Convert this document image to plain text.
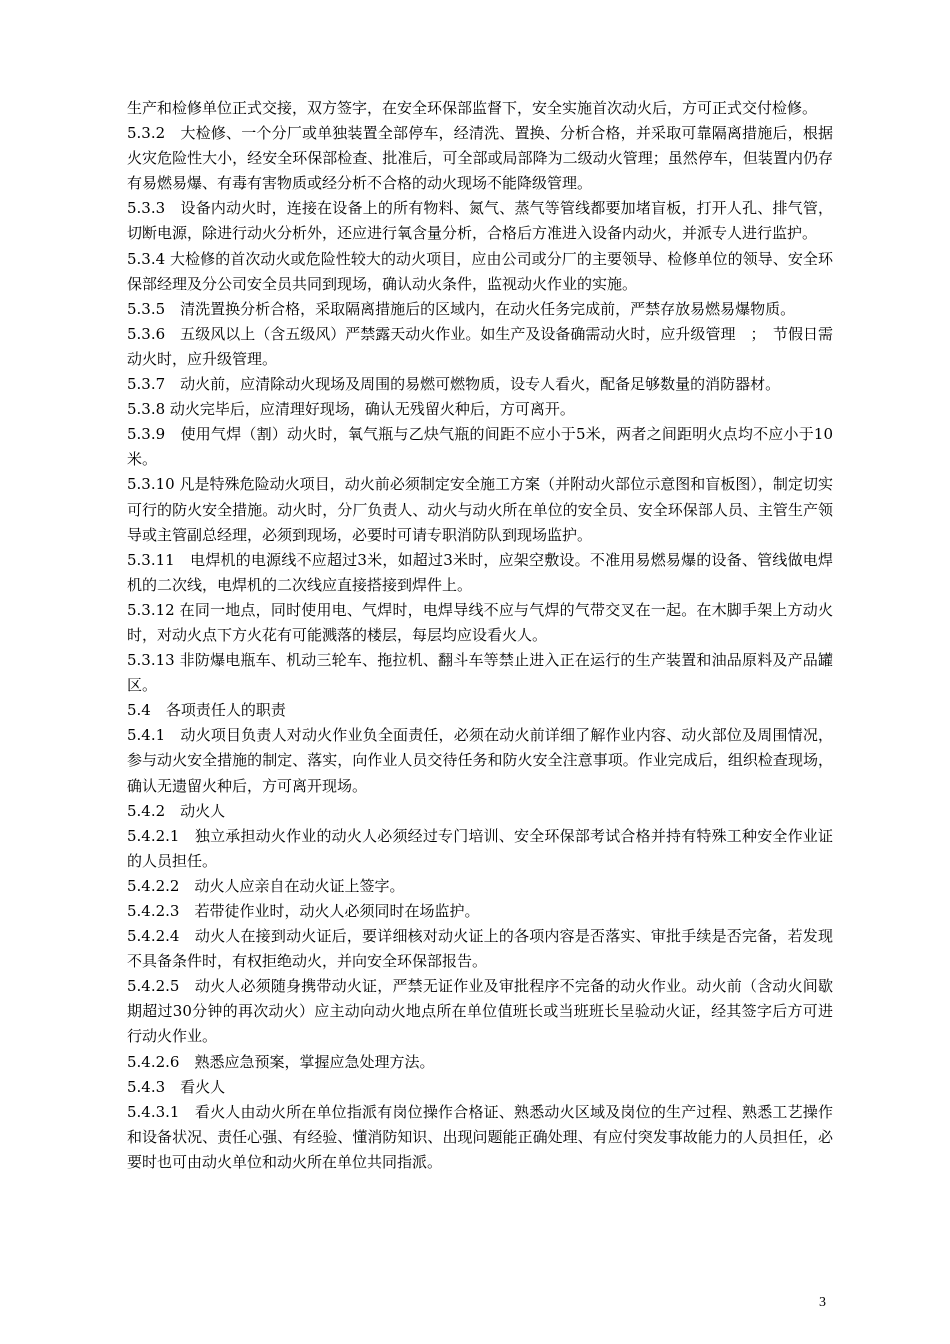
生产和检修单位正式交接，双方签字，在安全环保部监督下，安全实施首次动火后，方可正式交付检修。

5.3.2　大检修、一个分厂或单独装置全部停车，经清洗、置换、分析合格，并采取可靠隔离措施后，根据火灾危险性大小，经安全环保部检查、批准后，可全部或局部降为二级动火管理；虽然停车，但装置内仍存有易燃易爆、有毒有害物质或经分析不合格的动火现场不能降级管理。

5.3.3　设备内动火时，连接在设备上的所有物料、氮气、蒸气等管线都要加堵盲板，打开人孔、排气管，切断电源，除进行动火分析外，还应进行氧含量分析，合格后方准进入设备内动火，并派专人进行监护。

5.3.4 大检修的首次动火或危险性较大的动火项目，应由公司或分厂的主要领导、检修单位的领导、安全环保部经理及分公司安全员共同到现场，确认动火条件，监视动火作业的实施。

5.3.5　清洗置换分析合格，采取隔离措施后的区域内，在动火任务完成前，严禁存放易燃易爆物质。

5.3.6　五级风以上（含五级风）严禁露天动火作业。如生产及设备确需动火时，应升级管理　；　节假日需动火时，应升级管理。

5.3.7　动火前，应清除动火现场及周围的易燃可燃物质，设专人看火，配备足够数量的消防器材。

5.3.8 动火完毕后，应清理好现场，确认无残留火种后，方可离开。

5.3.9　使用气焊（割）动火时，氧气瓶与乙炔气瓶的间距不应小于5米，两者之间距明火点均不应小于10米。

5.3.10 凡是特殊危险动火项目，动火前必须制定安全施工方案（并附动火部位示意图和盲板图），制定切实可行的防火安全措施。动火时，分厂负责人、动火与动火所在单位的安全员、安全环保部人员、主管生产领导或主管副总经理，必须到现场，必要时可请专职消防队到现场监护。

5.3.11　电焊机的电源线不应超过3米，如超过3米时，应架空敷设。不准用易燃易爆的设备、管线做电焊机的二次线，电焊机的二次线应直接搭接到焊件上。

5.3.12 在同一地点，同时使用电、气焊时，电焊导线不应与气焊的气带交叉在一起。在木脚手架上方动火时，对动火点下方火花有可能溅落的楼层，每层均应设看火人。

5.3.13 非防爆电瓶车、机动三轮车、拖拉机、翻斗车等禁止进入正在运行的生产装置和油品原料及产品罐区。

5.4　各项责任人的职责

5.4.1　动火项目负责人对动火作业负全面责任，必须在动火前详细了解作业内容、动火部位及周围情况，参与动火安全措施的制定、落实，向作业人员交待任务和防火安全注意事项。作业完成后，组织检查现场，确认无遗留火种后，方可离开现场。

5.4.2　动火人

5.4.2.1　独立承担动火作业的动火人必须经过专门培训、安全环保部考试合格并持有特殊工种安全作业证的人员担任。

5.4.2.2　动火人应亲自在动火证上签字。

5.4.2.3　若带徒作业时，动火人必须同时在场监护。

5.4.2.4　动火人在接到动火证后，要详细核对动火证上的各项内容是否落实、审批手续是否完备，若发现不具备条件时，有权拒绝动火，并向安全环保部报告。

5.4.2.5　动火人必须随身携带动火证，严禁无证作业及审批程序不完备的动火作业。动火前（含动火间歇期超过30分钟的再次动火）应主动向动火地点所在单位值班长或当班班长呈验动火证，经其签字后方可进行动火作业。

5.4.2.6　熟悉应急预案，掌握应急处理方法。

5.4.3　看火人

5.4.3.1　看火人由动火所在单位指派有岗位操作合格证、熟悉动火区域及岗位的生产过程、熟悉工艺操作和设备状况、责任心强、有经验、懂消防知识、出现问题能正确处理、有应付突发事故能力的人员担任，必要时也可由动火单位和动火所在单位共同指派。

3
